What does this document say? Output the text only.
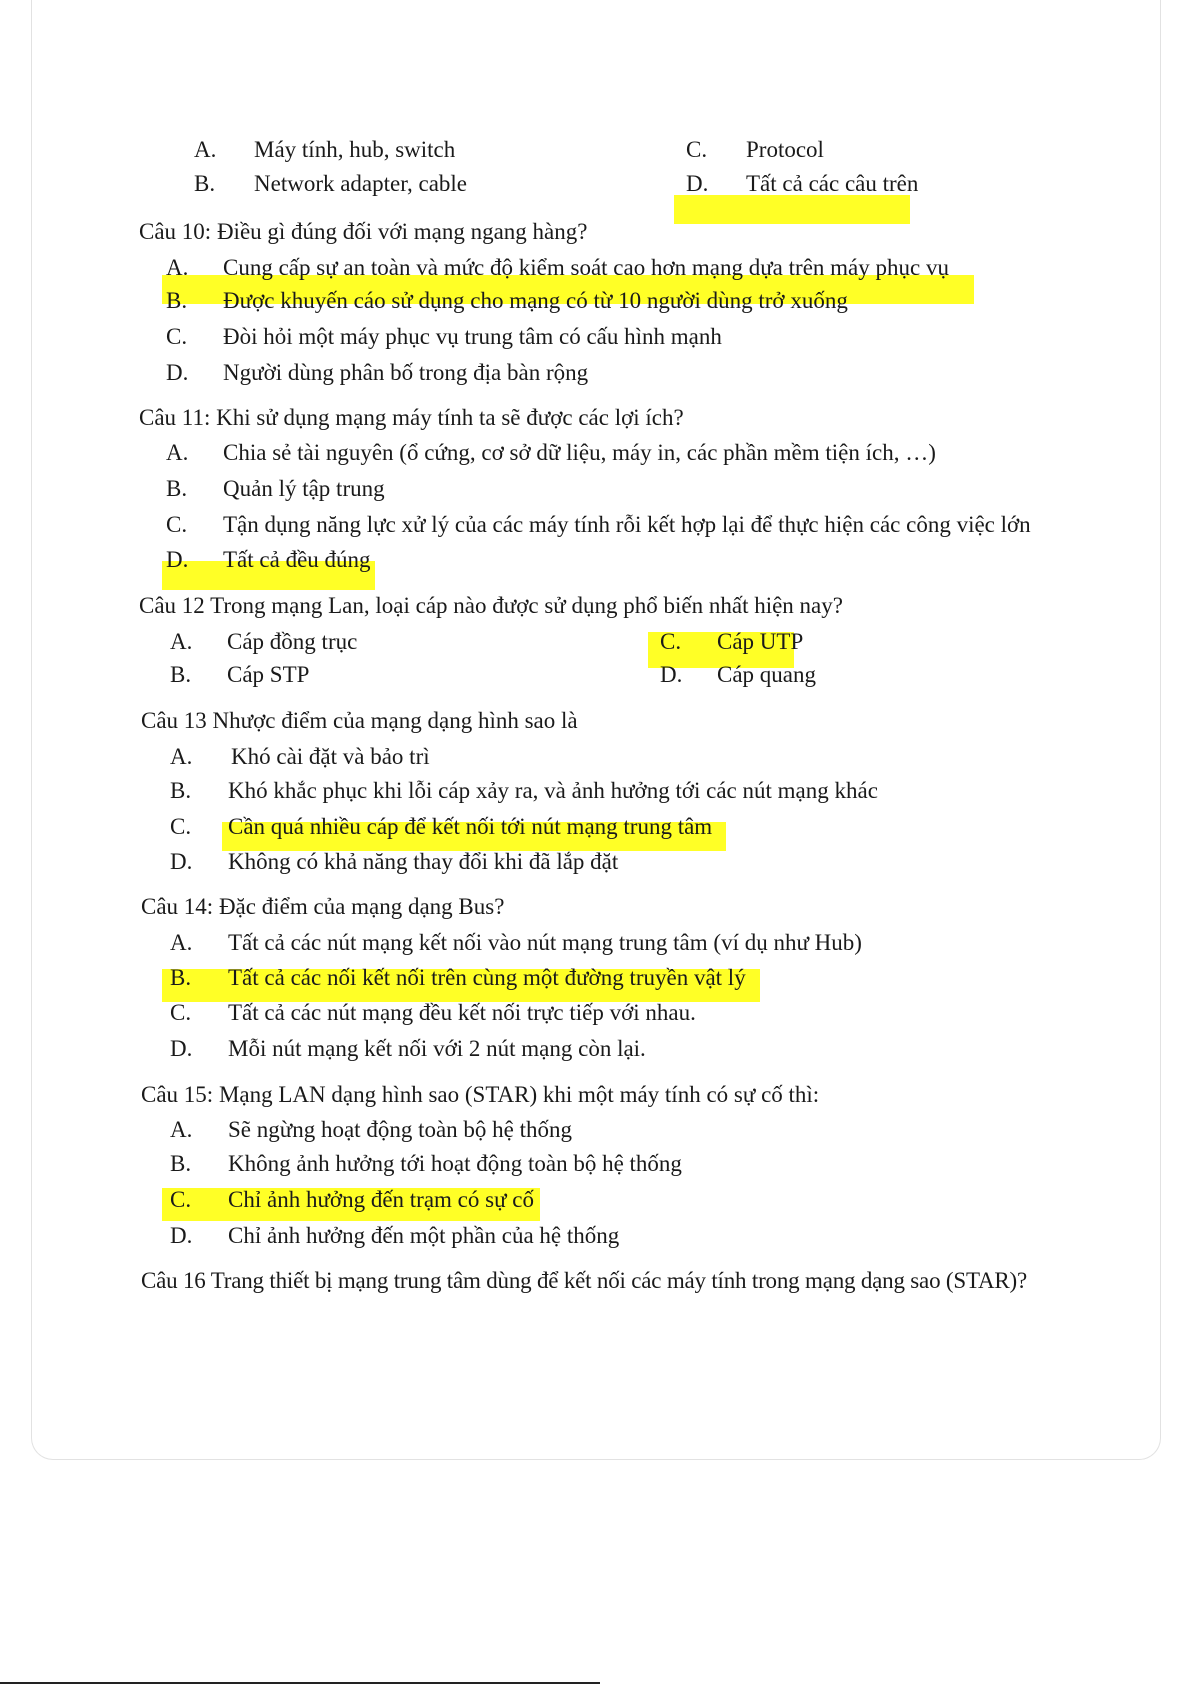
A. Máy tính, hub, switch	C. Protocol
B. Network adapter, cable	D. Tất cả các câu trên
Câu 10: Điều gì đúng đối với mạng ngang hàng?
A. Cung cấp sự an toàn và mức độ kiểm soát cao hơn mạng dựa trên máy phục vụ
B. Được khuyến cáo sử dụng cho mạng có từ 10 người dùng trở xuống
C. Đòi hỏi một máy phục vụ trung tâm có cấu hình mạnh
D. Người dùng phân bố trong địa bàn rộng
Câu 11: Khi sử dụng mạng máy tính ta sẽ được các lợi ích?
A. Chia sẻ tài nguyên (ổ cứng, cơ sở dữ liệu, máy in, các phần mềm tiện ích, …)
B. Quản lý tập trung
C. Tận dụng năng lực xử lý của các máy tính rỗi kết hợp lại để thực hiện các công việc lớn
D. Tất cả đều đúng
Câu 12 Trong mạng Lan, loại cáp nào được sử dụng phổ biến nhất hiện nay?
A. Cáp đồng trục	C. Cáp UTP
B. Cáp STP	D. Cáp quang
Câu 13 Nhược điểm của mạng dạng hình sao là
A. Khó cài đặt và bảo trì
B. Khó khắc phục khi lỗi cáp xảy ra, và ảnh hưởng tới các nút mạng khác
C. Cần quá nhiều cáp để kết nối tới nút mạng trung tâm
D. Không có khả năng thay đổi khi đã lắp đặt
Câu 14: Đặc điểm của mạng dạng Bus?
A. Tất cả các nút mạng kết nối vào nút mạng trung tâm (ví dụ như Hub)
B. Tất cả các nối kết nối trên cùng một đường truyền vật lý
C. Tất cả các nút mạng đều kết nối trực tiếp với nhau.
D. Mỗi nút mạng kết nối với 2 nút mạng còn lại.
Câu 15: Mạng LAN dạng hình sao (STAR) khi một máy tính có sự cố thì:
A. Sẽ ngừng hoạt động toàn bộ hệ thống
B. Không ảnh hưởng tới hoạt động toàn bộ hệ thống
C. Chỉ ảnh hưởng đến trạm có sự cố
D. Chỉ ảnh hưởng đến một phần của hệ thống
Câu 16 Trang thiết bị mạng trung tâm dùng để kết nối các máy tính trong mạng dạng sao (STAR)?
